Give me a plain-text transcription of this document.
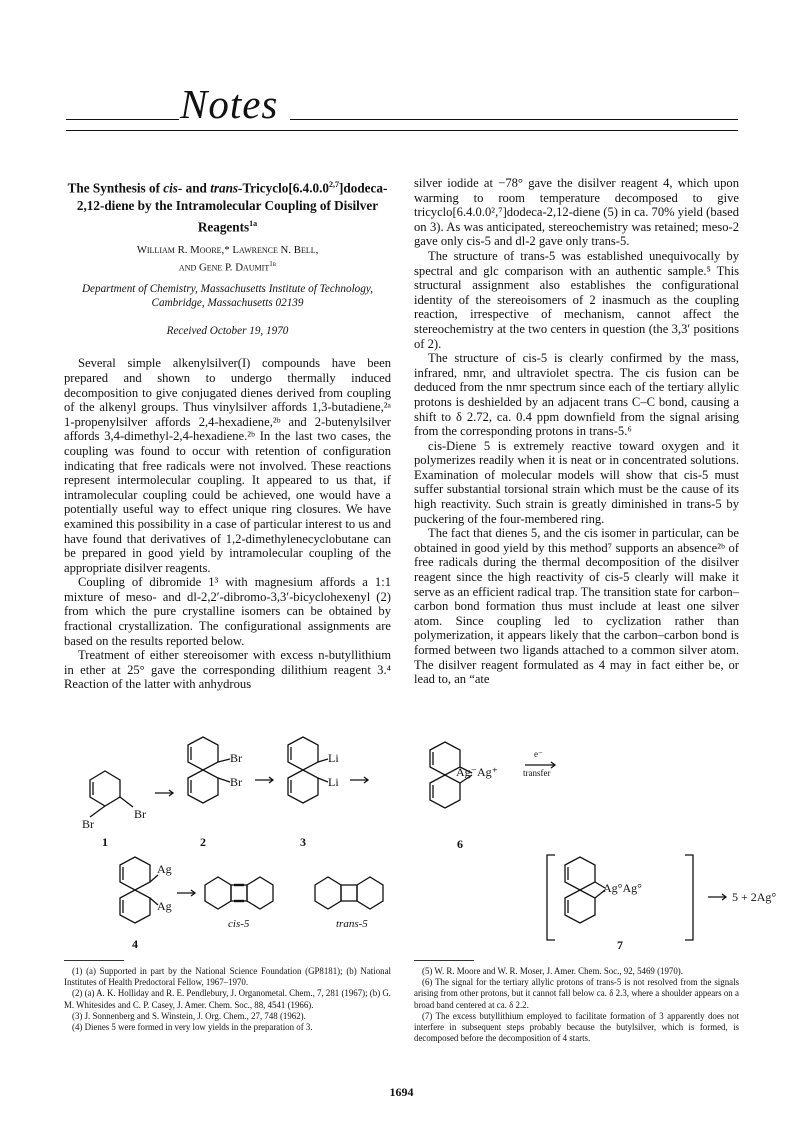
Notes
The Synthesis of cis- and trans-Tricyclo[6.4.0.0$^{2,7}$]dodeca-2,12-diene by the Intramolecular Coupling of Disilver Reagents$^{1a}$
William R. Moore,* Lawrence N. Bell,
and Gene P. Daumit$^{1b}$
Department of Chemistry, Massachusetts Institute of Technology, Cambridge, Massachusetts 02139
Received October 19, 1970

Several simple alkenylsilver(I) compounds have been prepared and shown to undergo thermally induced decomposition to give conjugated dienes derived from coupling of the alkenyl groups. Thus vinylsilver affords 1,3-butadiene,²ᵃ 1-propenylsilver affords 2,4-hexadiene,²ᵇ and 2-butenylsilver affords 3,4-dimethyl-2,4-hexadiene.²ᵇ In the last two cases, the coupling was found to occur with retention of configuration indicating that free radicals were not involved. These reactions represent intermolecular coupling. It appeared to us that, if intramolecular coupling could be achieved, one would have a potentially useful way to effect unique ring closures. We have examined this possibility in a case of particular interest to us and have found that derivatives of 1,2-dimethylenecyclobutane can be prepared in good yield by intramolecular coupling of the appropriate disilver reagents.

Coupling of dibromide 1³ with magnesium affords a 1:1 mixture of meso- and dl-2,2′-dibromo-3,3′-bicyclohexenyl (2) from which the pure crystalline isomers can be obtained by fractional crystallization. The configurational assignments are based on the results reported below.

Treatment of either stereoisomer with excess n-butyllithium in ether at 25° gave the corresponding dilithium reagent 3.⁴ Reaction of the latter with anhydrous

silver iodide at −78° gave the disilver reagent 4, which upon warming to room temperature decomposed to give tricyclo[6.4.0.0²,⁷]dodeca-2,12-diene (5) in ca. 70% yield (based on 3). As was anticipated, stereochemistry was retained; meso-2 gave only cis-5 and dl-2 gave only trans-5.

The structure of trans-5 was established unequivocally by spectral and glc comparison with an authentic sample.⁵ This structural assignment also establishes the configurational identity of the stereoisomers of 2 inasmuch as the coupling reaction, irrespective of mechanism, cannot affect the stereochemistry at the two centers in question (the 3,3′ positions of 2).

The structure of cis-5 is clearly confirmed by the mass, infrared, nmr, and ultraviolet spectra. The cis fusion can be deduced from the nmr spectrum since each of the tertiary allylic protons is deshielded by an adjacent trans C–C bond, causing a shift to δ 2.72, ca. 0.4 ppm downfield from the signal arising from the corresponding protons in trans-5.⁶

cis-Diene 5 is extremely reactive toward oxygen and it polymerizes readily when it is neat or in concentrated solutions. Examination of molecular models will show that cis-5 must suffer substantial torsional strain which must be the cause of its high reactivity. Such strain is greatly diminished in trans-5 by puckering of the four-membered ring.

The fact that dienes 5, and the cis isomer in particular, can be obtained in good yield by this method⁷ supports an absence²ᵇ of free radicals during the thermal decomposition of the disilver reagent since the high reactivity of cis-5 clearly will make it serve as an efficient radical trap. The transition state for carbon–carbon bond formation thus must include at least one silver atom. Since coupling led to cyclization rather than polymerization, it appears likely that the carbon–carbon bond is formed between two ligands attached to a common silver atom. The disilver reagent formulated as 4 may in fact either be, or lead to, an “ate

Br
Br
1
Br
Br
2
Li
Li
3
Ag⁻Ag⁺
e⁻
transfer
6
Ag
Ag
4
cis-5	trans-5
Ag°Ag°
5 + 2Ag°
7

(1) (a) Supported in part by the National Science Foundation (GP8181); (b) National Institutes of Health Predoctoral Fellow, 1967–1970.

(2) (a) A. K. Holliday and R. E. Pendlebury, J. Organometal. Chem., 7, 281 (1967); (b) G. M. Whitesides and C. P. Casey, J. Amer. Chem. Soc., 88, 4541 (1966).

(3) J. Sonnenberg and S. Winstein, J. Org. Chem., 27, 748 (1962).

(4) Dienes 5 were formed in very low yields in the preparation of 3.

(5) W. R. Moore and W. R. Moser, J. Amer. Chem. Soc., 92, 5469 (1970).

(6) The signal for the tertiary allylic protons of trans-5 is not resolved from the signals arising from other protons, but it cannot fall below ca. δ 2.3, where a shoulder appears on a broad band centered at ca. δ 2.2.

(7) The excess butyllithium employed to facilitate formation of 3 apparently does not interfere in subsequent steps probably because the butylsilver, which is formed, is decomposed before the decomposition of 4 starts.

1694
